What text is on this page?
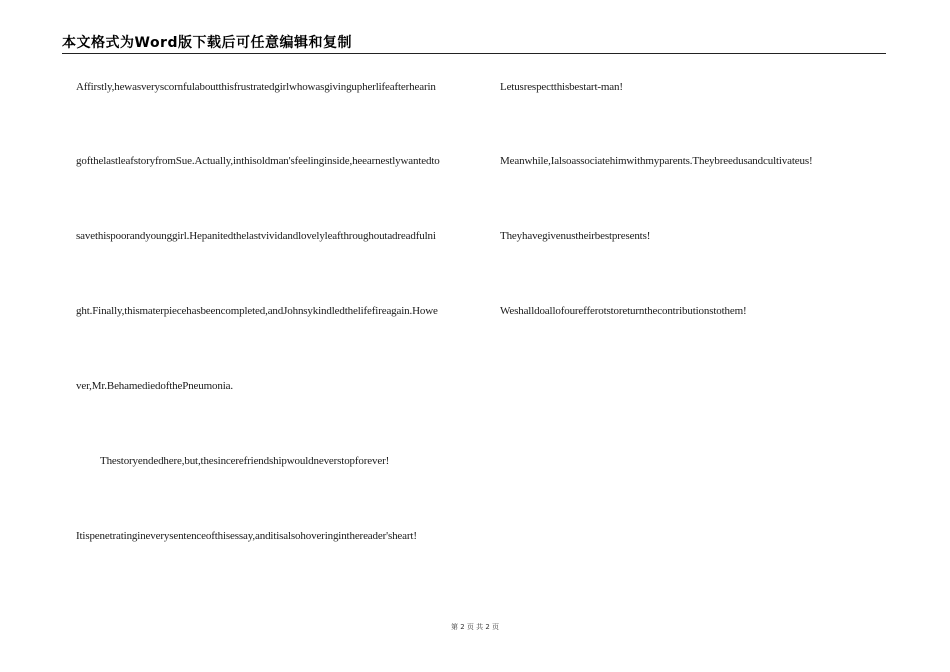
本文格式为Word版下载后可任意编辑和复制
Affirstly,hewasveryscornfulaboutthisfrustratedgirlwhowasgivingupherlifeafterhearin
gofthelastleafstoryfromSue.Actually,inthisoldman'sfeelinginside,heearnestlywantedto
savethispoorandyounggirl.Hepanitedthelastvividandlovelyleafthroughoutadreadfulni
ght.Finally,thismaterpiecehasbeencompleted,andJohnsykindledthelifefireagain.Howe
ver,Mr.BehamediedofthePneumonia.
Thestoryendedhere,but,thesincerefriendshipwouldneverstopforever!
Itispenetratingineverysentenceofthisessay,anditisalsohoveringinthereader'sheart!
Letusrespectthisbestart-man!
Meanwhile,Ialsoassociatehimwithmyparents.Theybreedusandcultivateus!
Theyhavegivenustheirbestpresents!
Weshalldoallofourefferotstoreturnthecontributionstothem!
第 2 页 共 2 页
